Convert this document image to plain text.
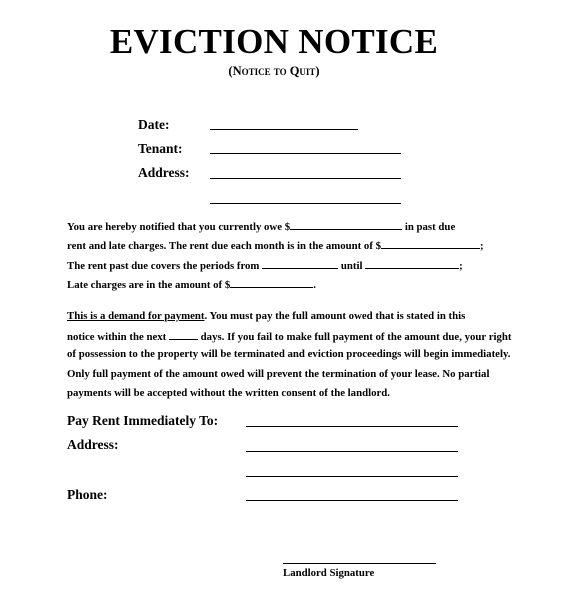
EVICTION NOTICE
(Notice to Quit)
Date:
Tenant:
Address:
You are hereby notified that you currently owe $	in past due
rent and late charges. The rent due each month is in the amount of $	;
The rent past due covers the periods from	until	;
Late charges are in the amount of $	.
This is a demand for payment. You must pay the full amount owed that is stated in this
notice within the next	days. If you fail to make full payment of the amount due, your right
of possession to the property will be terminated and eviction proceedings will begin immediately.
Only full payment of the amount owed will prevent the termination of your lease. No partial
payments will be accepted without the written consent of the landlord.
Pay Rent Immediately To:
Address:
Phone:
Landlord Signature
